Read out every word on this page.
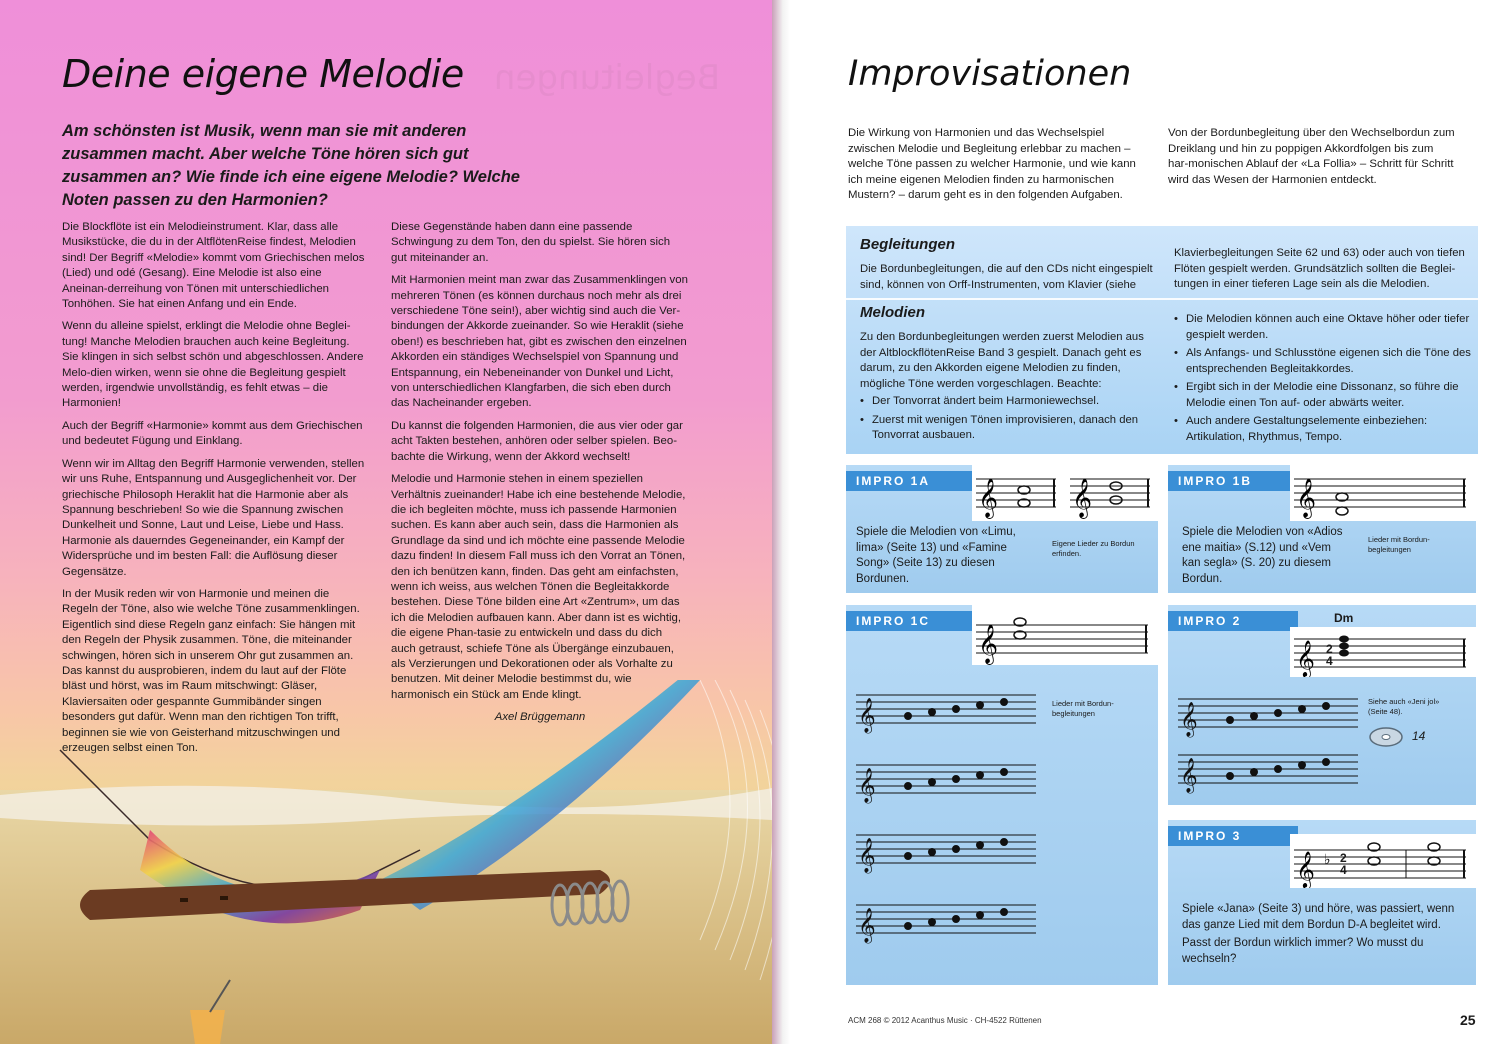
Begleitungen
Deine eigene Melodie

Am schönsten ist Musik, wenn man sie mit anderen zusammen macht. Aber welche Töne hören sich gut zusammen an? Wie finde ich eine eigene Melodie? Welche Noten passen zu den Harmonien?

Die Blockflöte ist ein Melodieinstrument. Klar, dass alle Musikstücke, die du in der AltflötenReise findest, Melodien sind! Der Begriff «Melodie» kommt vom Griechischen melos (Lied) und odé (Gesang). Eine Melodie ist also eine Aneinan-derreihung von Tönen mit unterschiedlichen Tonhöhen. Sie hat einen Anfang und ein Ende.

Wenn du alleine spielst, erklingt die Melodie ohne Beglei-tung! Manche Melodien brauchen auch keine Begleitung. Sie klingen in sich selbst schön und abgeschlossen. Andere Melo-dien wirken, wenn sie ohne die Begleitung gespielt werden, irgendwie unvollständig, es fehlt etwas – die Harmonien!

Auch der Begriff «Harmonie» kommt aus dem Griechischen und bedeutet Fügung und Einklang.

Wenn wir im Alltag den Begriff Harmonie verwenden, stellen wir uns Ruhe, Entspannung und Ausgeglichenheit vor. Der griechische Philosoph Heraklit hat die Harmonie aber als Spannung beschrieben! So wie die Spannung zwischen Dunkelheit und Sonne, Laut und Leise, Liebe und Hass. Harmonie als dauerndes Gegeneinander, ein Kampf der Widersprüche und im besten Fall: die Auflösung dieser Gegensätze.

In der Musik reden wir von Harmonie und meinen die Regeln der Töne, also wie welche Töne zusammenklingen. Eigentlich sind diese Regeln ganz einfach: Sie hängen mit den Regeln der Physik zusammen. Töne, die miteinander schwingen, hören sich in unserem Ohr gut zusammen an. Das kannst du ausprobieren, indem du laut auf der Flöte bläst und hörst, was im Raum mitschwingt: Gläser, Klaviersaiten oder gespannte Gummibänder singen besonders gut dafür. Wenn man den richtigen Ton trifft, beginnen sie wie von Geisterhand mitzuschwingen und erzeugen selbst einen Ton.

Diese Gegenstände haben dann eine passende Schwingung zu dem Ton, den du spielst. Sie hören sich gut miteinander an.

Mit Harmonien meint man zwar das Zusammenklingen von mehreren Tönen (es können durchaus noch mehr als drei verschiedene Töne sein!), aber wichtig sind auch die Ver-bindungen der Akkorde zueinander. So wie Heraklit (siehe oben!) es beschrieben hat, gibt es zwischen den einzelnen Akkorden ein ständiges Wechselspiel von Spannung und Entspannung, ein Nebeneinander von Dunkel und Licht, von unterschiedlichen Klangfarben, die sich eben durch das Nacheinander ergeben.

Du kannst die folgenden Harmonien, die aus vier oder gar acht Takten bestehen, anhören oder selber spielen. Beo-bachte die Wirkung, wenn der Akkord wechselt!

Melodie und Harmonie stehen in einem speziellen Verhältnis zueinander! Habe ich eine bestehende Melodie, die ich begleiten möchte, muss ich passende Harmonien suchen. Es kann aber auch sein, dass die Harmonien als Grundlage da sind und ich möchte eine passende Melodie dazu finden! In diesem Fall muss ich den Vorrat an Tönen, den ich benützen kann, finden. Das geht am einfachsten, wenn ich weiss, aus welchen Tönen die Begleitakkorde bestehen. Diese Töne bilden eine Art «Zentrum», um das ich die Melodien aufbauen kann. Aber dann ist es wichtig, die eigene Phan-tasie zu entwickeln und dass du dich auch getraust, schiefe Töne als Übergänge einzubauen, als Verzierungen und Dekorationen oder als Vorhalte zu benutzen. Mit deiner Melodie bestimmst du, wie harmonisch ein Stück am Ende klingt.

Axel Brüggemann

Improvisationen

Die Wirkung von Harmonien und das Wechselspiel zwischen Melodie und Begleitung erlebbar zu machen – welche Töne passen zu welcher Harmonie, und wie kann ich meine eigenen Melodien finden zu harmonischen Mustern? – darum geht es in den folgenden Aufgaben.

Von der Bordunbegleitung über den Wechselbordun zum Dreiklang und hin zu poppigen Akkordfolgen bis zum har-monischen Ablauf der «La Follia» – Schritt für Schritt wird das Wesen der Harmonien entdeckt.

Begleitungen

Die Bordunbegleitungen, die auf den CDs nicht eingespielt sind, können von Orff-Instrumenten, vom Klavier (siehe

Klavierbegleitungen Seite 62 und 63) oder auch von tiefen Flöten gespielt werden. Grundsätzlich sollten die Beglei-tungen in einer tieferen Lage sein als die Melodien.

Melodien

Zu den Bordunbegleitungen werden zuerst Melodien aus der AltblockflötenReise Band 3 gespielt. Danach geht es darum, zu den Akkorden eigene Melodien zu finden, mögliche Töne werden vorgeschlagen. Beachte:

• Der Tonvorrat ändert beim Harmoniewechsel.
• Zuerst mit wenigen Tönen improvisieren, danach den Tonvorrat ausbauen.
• Die Melodien können auch eine Oktave höher oder tiefer gespielt werden.
• Als Anfangs- und Schlusstöne eigenen sich die Töne des entsprechenden Begleitakkordes.
• Ergibt sich in der Melodie eine Dissonanz, so führe die Melodie einen Ton auf- oder abwärts weiter.
• Auch andere Gestaltungselemente einbeziehen: Artikulation, Rhythmus, Tempo.
IMPRO 1A	𝄞 𝄞

Spiele die Melodien von «Limu, lima» (Seite 13) und «Famine Song» (Seite 13) zu diesen Bordunen.

Eigene Lieder zu Bordun erfinden.

IMPRO 1B	𝄞

Spiele die Melodien von «Adios ene maitia» (S.12) und «Vem kan segla» (S. 20) zu diesem Bordun.

Lieder mit Bordun-begleitungen

IMPRO 1C
𝄞
𝄞
𝄞
𝄞
𝄞

Lieder mit Bordun-begleitungen

IMPRO 2	Dm
𝄞 2
4
𝄞
𝄞

Siehe auch «Jeni jol» (Seite 48).

14
IMPRO 3
𝄞 ♭ 2
4

Spiele «Jana» (Seite 3) und höre, was passiert, wenn das ganze Lied mit dem Bordun D-A begleitet wird.

Passt der Bordun wirklich immer? Wo musst du wechseln?

ACM 268 © 2012 Acanthus Music · CH-4522 Rüttenen	25
